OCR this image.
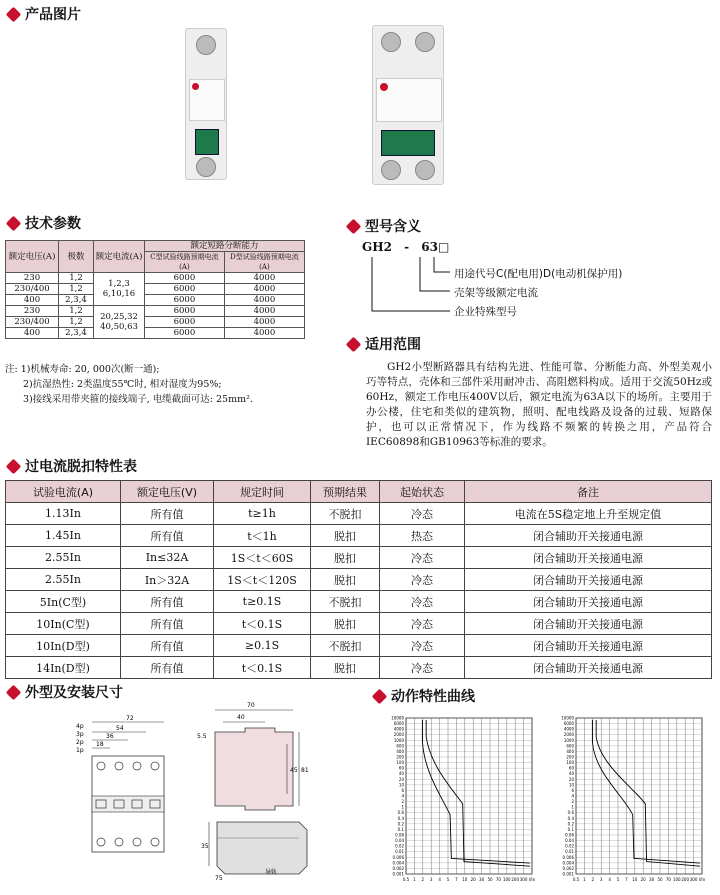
产品图片
技术参数
额定电压(A)	极数	额定电流(A)	额定短路分断能力	
			C型试验线路预期电流(A)	D型试验线路预期电流(A)
230	1,2	1,2,3 6,10,16	6000	4000
230/400	1,2		6000	4000
400	2,3,4		6000	4000
230	1,2	20,25,32 40,50,63	6000	4000
230/400	1,2		6000	4000
400	2,3,4		6000	4000
注: 1)机械寿命: 20, 000次(断一通);
2)抗湿热性: 2类温度55℃时, 相对湿度为95%;
3)接线采用带夹箍的接线端子, 电缆截面可达: 25mm².
型号含义
GH2 - 63□
用途代号C(配电用)D(电动机保护用)
壳架等级额定电流
企业特殊型号
适用范围
GH2小型断路器具有结构先进、性能可靠、分断能力高、外型美观小巧等特点，壳体和三部件采用耐冲击、高阻燃料构成。适用于交流50Hz或60Hz，额定工作电压400V以后，额定电流为63A以下的场所。主要用于办公楼，住宅和类似的建筑物，照明、配电线路及设备的过载、短路保护，也可以正常情况下，作为线路不频繁的转换之用，产品符合IEC60898和GB10963等标准的要求。
过电流脱扣特性表
试验电流(A)	额定电压(V)	规定时间	预期结果	起始状态	备注
1.13In	所有值	t≥1h	不脱扣	冷态	电流在5S稳定地上升至规定值
1.45In	所有值	t＜1h	脱扣	热态	闭合辅助开关接通电源
2.55In	In≤32A	1S＜t＜60S	脱扣	冷态	闭合辅助开关接通电源
2.55In	In＞32A	1S＜t＜120S	脱扣	冷态	闭合辅助开关接通电源
5In(C型)	所有值	t≥0.1S	不脱扣	冷态	闭合辅助开关接通电源
10In(C型)	所有值	t＜0.1S	脱扣	冷态	闭合辅助开关接通电源
10In(D型)	所有值	≥0.1S	不脱扣	冷态	闭合辅助开关接通电源
14In(D型)	所有值	t＜0.1S	脱扣	冷态	闭合辅助开关接通电源
外型及安装尺寸
72
54
36
18
4p
3p
2p
1p
70
40
5.5
45 81
35
75
导轨
动作特性曲线
10000
6000
4000
2000
1000
600
400
200
100
60
40
20
10
6
4
2
1
0.6
0.4
0.2
0.1
0.06
0.04
0.02
0.01
0.006
0.004
0.002
0.001
0.5 1 2 3 4 5 7 10 20 30 50 70 100 200 300 I/In
10000
6000
4000
2000
1000
600
400
200
100
60
40
20
10
6
4
2
1
0.6
0.4
0.2
0.1
0.06
0.04
0.02
0.01
0.006
0.004
0.002
0.001
0.5 1 2 3 4 5 7 10 20 30 50 70 100 200 300 I/In
